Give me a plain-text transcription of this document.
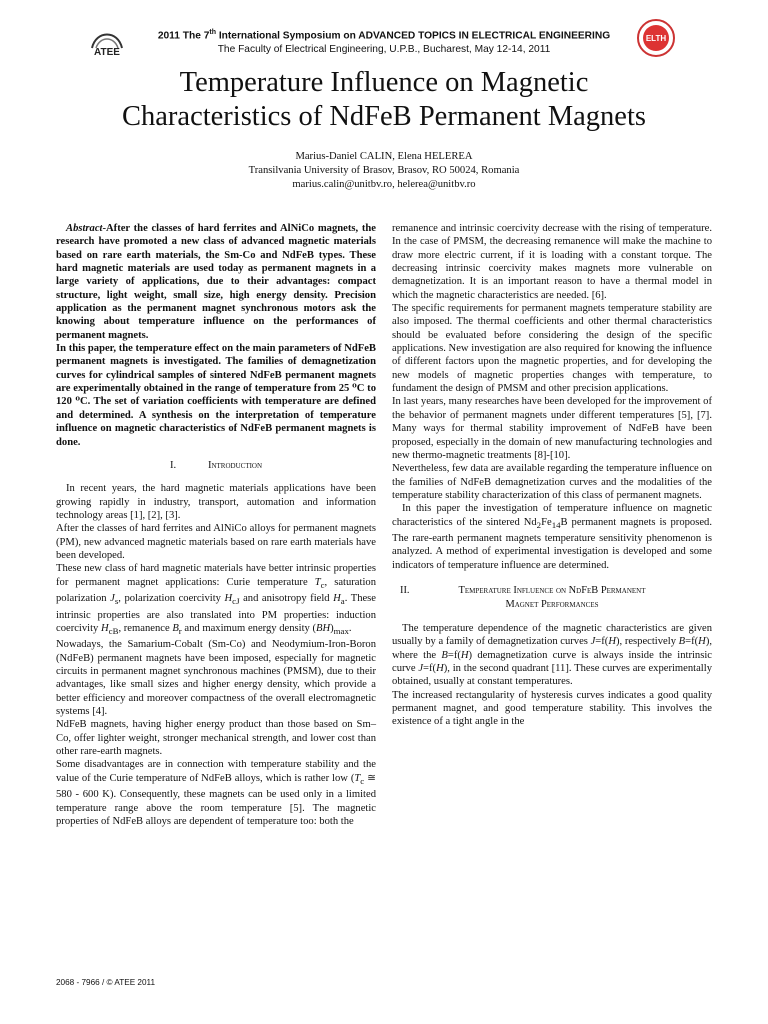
ATEE
2011 The 7th International Symposium on ADVANCED TOPICS IN ELECTRICAL ENGINEERING
The Faculty of Electrical Engineering, U.P.B., Bucharest, May 12-14, 2011
ELTH
Temperature Influence on Magnetic
Characteristics of NdFeB Permanent Magnets
Marius-Daniel CALIN, Elena HELEREA
Transilvania University of Brasov, Brasov, RO 50024, Romania
marius.calin@unitbv.ro, helerea@unitbv.ro

Abstract-After the classes of hard ferrites and AlNiCo magnets, the research have promoted a new class of advanced magnetic materials based on rare earth materials, the Sm-Co and NdFeB types. These hard magnetic materials are used today as permanent magnets in a large variety of applications, due to their advantages: compact structure, light weight, small size, high energy density. Precision application as the permanent magnet synchronous motors ask the knowing about temperature influence on the performances of permanent magnets.

In this paper, the temperature effect on the main parameters of NdFeB permanent magnets is investigated. The families of demagnetization curves for cylindrical samples of sintered NdFeB permanent magnets are experimentally obtained in the range of temperature from 25 ⁰C to 120 ⁰C. The set of variation coefficients with temperature are defined and determined. A synthesis on the interpretation of temperature influence on magnetic characteristics of NdFeB permanent magnets is done.

I.	Introduction

In recent years, the hard magnetic materials applications have been growing rapidly in industry, transport, automation and information technology areas [1], [2], [3].

After the classes of hard ferrites and AlNiCo alloys for permanent magnets (PM), new advanced magnetic materials based on rare earth materials have been developed.

These new class of hard magnetic materials have better intrinsic properties for permanent magnet applications: Curie temperature $T_c$, saturation polarization $J_s$, polarization coercivity $H_{cJ}$ and anisotropy field $H_a$. These intrinsic properties are also translated into PM properties: induction coercivity $H_{cB}$, remanence $B_r$ and maximum energy density $(BH)_{max}$.

Nowadays, the Samarium-Cobalt (Sm-Co) and Neodymium-Iron-Boron (NdFeB) permanent magnets have been imposed, especially for magnetic circuits in permanent magnet synchronous machines (PMSM), due to their advantages, like small sizes and higher energy density, which provide a better efficiency and moreover compactness of the overall electromagnetic systems [4].

NdFeB magnets, having higher energy product than those based on Sm–Co, offer lighter weight, stronger mechanical strength, and lower cost than other rare-earth magnets.

Some disadvantages are in connection with temperature stability and the value of the Curie temperature of NdFeB alloys, which is rather low ($T_c$ ≅ 580 - 600 K). Consequently, these magnets can be used only in a limited temperature range above the room temperature [5]. The magnetic properties of NdFeB alloys are dependent of temperature too: both the

remanence and intrinsic coercivity decrease with the rising of temperature. In the case of PMSM, the decreasing remanence will make the machine to draw more electric current, if it is loading with a constant torque. The decreasing intrinsic coercivity makes magnets more vulnerable on demagnetization. It is an important reason to have a thermal model in which the magnetic characteristics are needed. [6].

The specific requirements for permanent magnets temperature stability are also imposed. The thermal coefficients and other thermal characteristics should be evaluated before considering the design of the specific applications. New investigation are also required for knowing the influence of different factors upon the magnetic properties, and for developing the new models of magnetic properties changes with temperature, to fundament the design of PMSM and other precision applications.

In last years, many researches have been developed for the improvement of the behavior of permanent magnets under different temperatures [5], [7]. Many ways for thermal stability improvement of NdFeB have been proposed, especially in the domain of new manufacturing technologies and new thermo-magnetic treatments [8]-[10].

Nevertheless, few data are available regarding the temperature influence on the families of NdFeB demagnetization curves and the modalities of the temperature stability characterization of this class of permanent magnets.

In this paper the investigation of temperature influence on magnetic characteristics of the sintered $Nd_2Fe_{14}B$ permanent magnets is proposed. The rare-earth permanent magnets temperature sensitivity phenomenon is analyzed. A method of experimental investigation is developed and some indicators of temperature influence are determined.

II.	Temperature Influence on NdFeB Permanent
Magnet Performances

The temperature dependence of the magnetic characteristics are given usually by a family of demagnetization curves J=f(H), respectively B=f(H), where the B=f(H) demagnetization curve is always inside the intrinsic curve J=f(H), in the second quadrant [11]. These curves are experimentally obtained, usually at constant temperatures.

The increased rectangularity of hysteresis curves indicates a good quality permanent magnet, and good temperature stability. This involves the existence of a tight angle in the

2068 - 7966 / © ATEE 2011
